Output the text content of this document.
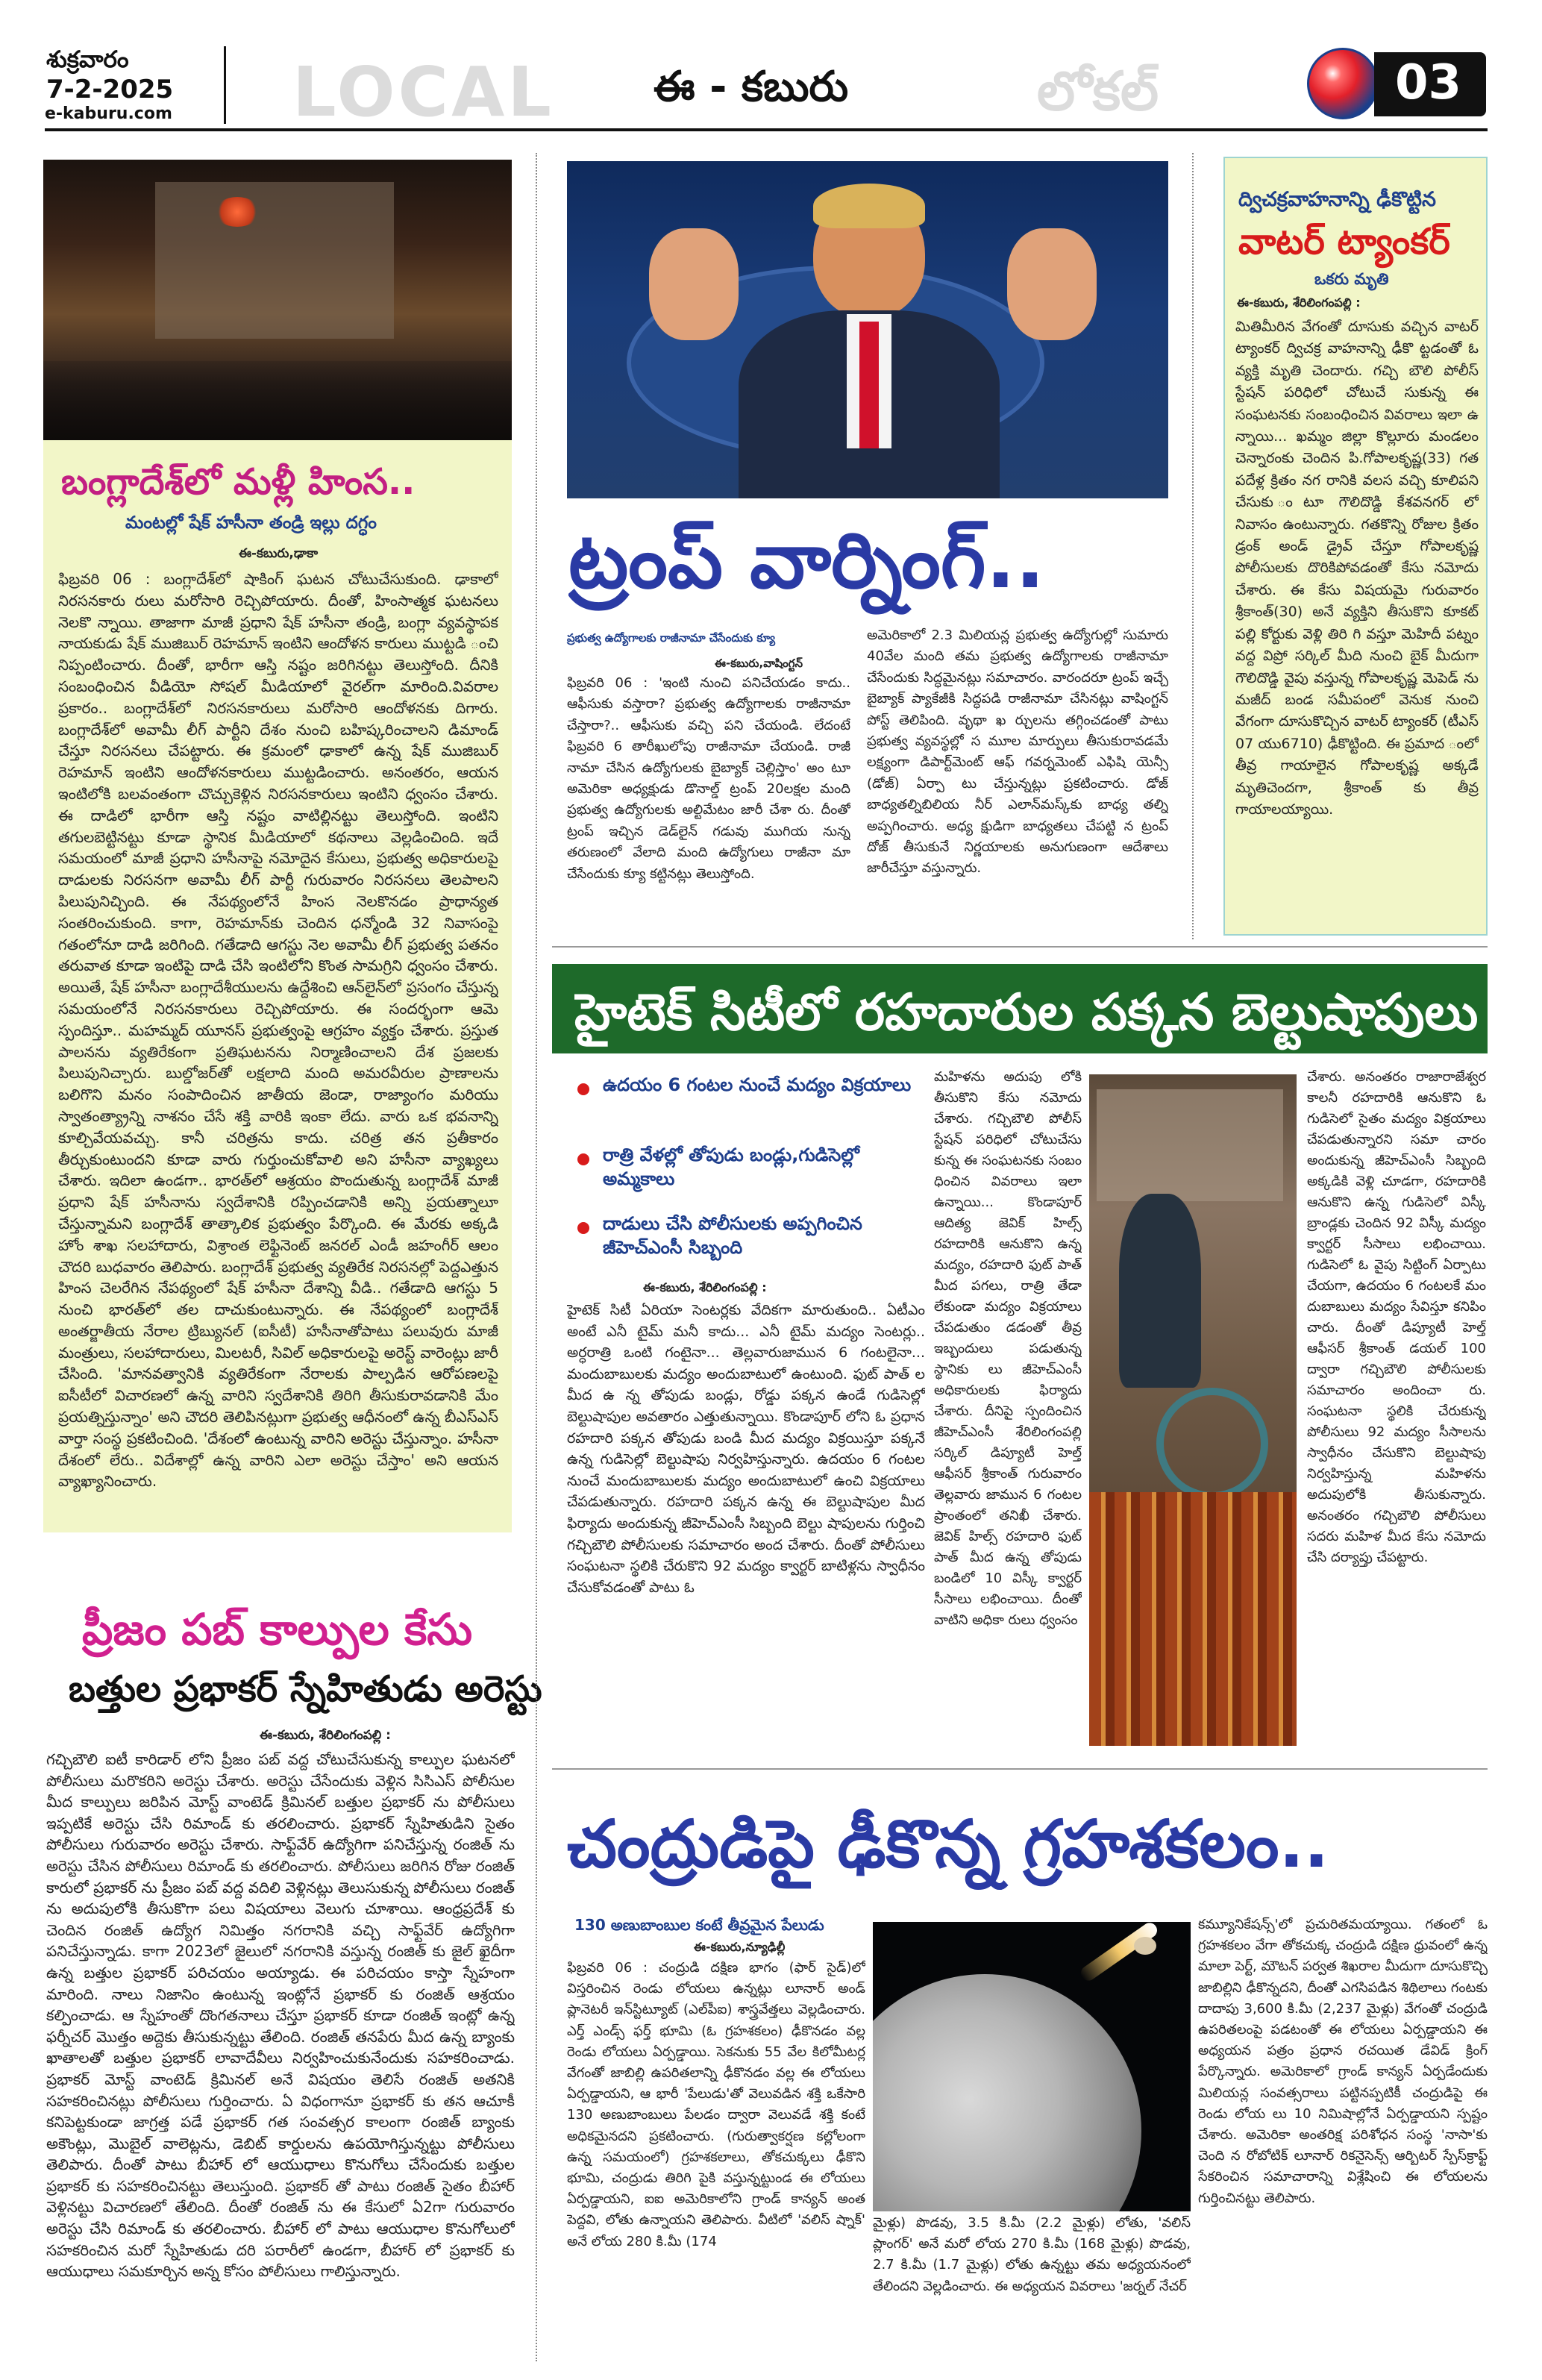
శుక్రవారం
7-2-2025
e-kaburu.com LOCAL ఈ - కబురు	లోకల్	03
బంగ్లాదేశ్‌లో మళ్లీ హింస..
మంటల్లో షేక్ హసీనా తండ్రి ఇల్లు దగ్ధం
ఈ-కబురు,ఢాకా
ఫిబ్రవరి 06 : బంగ్లాదేశ్‌లో షాకింగ్ ఘటన చోటుచేసుకుంది. ఢాకాలో నిరసనకారు రులు మరోసారి రెచ్చిపోయారు. దీంతో, హింసాత్మక ఘటనలు నెలకొ న్నాయి. తాజాగా మాజీ ప్రధాని షేక్ హసీనా తండ్రి, బంగ్లా వ్యవస్థాపక నాయకుడు షేక్ ముజిబుర్ రెహమాన్ ఇంటిని ఆందోళన కారులు ముట్టడి ంచి నిప్పంటించారు. దీంతో, భారీగా ఆస్తి నష్టం జరిగినట్టు తెలుస్తోంది. దీనికి సంబంధించిన వీడియో సోషల్ మీడియాలో వైరల్‌గా మారింది.వివరాల ప్రకారం.. బంగ్లాదేశ్‌లో నిరసనకారులు మరోసారి ఆందోళనకు దిగారు. బంగ్లాదేశ్‌లో అవామీ లీగ్ పార్టీని దేశం నుంచి బహిష్కరించాలని డిమాండ్ చేస్తూ నిరసనలు చేపట్టారు. ఈ క్రమంలో ఢాకాలో ఉన్న షేక్ ముజిబుర్ రెహమాన్ ఇంటిని ఆందోళనకారులు ముట్టడించారు. అనంతరం, ఆయన ఇంటిలోకి బలవంతంగా చొచ్చుకెళ్లిన నిరసనకారులు ఇంటిని ధ్వంసం చేశారు. ఈ దాడిలో భారీగా ఆస్తి నష్టం వాటిల్లినట్టు తెలుస్తోంది. ఇంటిని తగులబెట్టినట్టు కూడా స్థానిక మీడియాలో కథనాలు వెల్లడించింది. ఇదే సమయంలో మాజీ ప్రధాని హసీనాపై నమోదైన కేసులు, ప్రభుత్వ అధికారులపై దాడులకు నిరసనగా అవామీ లీగ్ పార్టీ గురువారం నిరసనలు తెలపాలని పిలుపునిచ్చింది. ఈ నేపథ్యంలోనే హింస నెలకొనడం ప్రాధాన్యత సంతరించుకుంది. కాగా, రెహమాన్‌కు చెందిన ధన్మోండి 32 నివాసంపై గతంలోనూ దాడి జరిగింది. గతేడాది ఆగస్టు నెల అవామీ లీగ్ ప్రభుత్వ పతనం తరువాత కూడా ఇంటిపై దాడి చేసి ఇంటిలోని కొంత సామగ్రిని ధ్వంసం చేశారు. అయితే, షేక్ హసీనా బంగ్లాదేశీయులను ఉద్దేశించి ఆన్‌లైన్‌లో ప్రసంగం చేస్తున్న సమయంలోనే నిరసనకారులు రెచ్చిపోయారు. ఈ సందర్భంగా ఆమె స్పందిస్తూ.. మహమ్మద్ యూనస్ ప్రభుత్వంపై ఆగ్రహం వ్యక్తం చేశారు. ప్రస్తుత పాలనను వ్యతిరేకంగా ప్రతిఘటనను నిర్మాణించాలని దేశ ప్రజలకు పిలుపునిచ్చారు. బుల్డోజర్‌తో లక్షలాది మంది అమరవీరుల ప్రాణాలను బలిగొని మనం సంపాదించిన జాతీయ జెండా, రాజ్యాంగం మరియు స్వాతంత్య్రాన్ని నాశనం చేసే శక్తి వారికి ఇంకా లేదు. వారు ఒక భవనాన్ని కూల్చివేయవచ్చు. కానీ చరిత్రను కాదు. చరిత్ర తన ప్రతీకారం తీర్చుకుంటుందని కూడా వారు గుర్తుంచుకోవాలి అని హసీనా వ్యాఖ్యలు చేశారు. ఇదిలా ఉండగా.. భారత్‌లో ఆశ్రయం పొందుతున్న బంగ్లాదేశ్ మాజీ ప్రధాని షేక్ హసీనాను స్వదేశానికి రప్పించడానికి అన్ని ప్రయత్నాలూ చేస్తున్నామని బంగ్లాదేశ్ తాత్కాలిక ప్రభుత్వం పేర్కొంది. ఈ మేరకు అక్కడి హోం శాఖ సలహాదారు, విశ్రాంత లెఫ్టినెంట్ జనరల్ ఎండీ జహంగీర్ ఆలం చౌదరి బుధవారం తెలిపారు. బంగ్లాదేశ్ ప్రభుత్వ వ్యతిరేక నిరసనల్లో పెద్దఎత్తున హింస చెలరేగిన నేపథ్యంలో షేక్ హసీనా దేశాన్ని వీడి.. గతేడాది ఆగస్టు 5 నుంచి భారత్‌లో తల దాచుకుంటున్నారు. ఈ నేపథ్యంలో బంగ్లాదేశ్ అంతర్జాతీయ నేరాల ట్రిబ్యునల్ (ఐసీటీ) హసీనాతోపాటు పలువురు మాజీ మంత్రులు, సలహాదారులు, మిలటరీ, సివిల్ అధికారులపై అరెస్ట్ వారెంట్లు జారీ చేసింది. 'మానవత్వానికి వ్యతిరేకంగా నేరాలకు పాల్పడిన ఆరోపణలపై ఐసీటీలో విచారణలో ఉన్న వారిని స్వదేశానికి తిరిగి తీసుకురావడానికి మేం ప్రయత్నిస్తున్నాం' అని చౌదరి తెలిపినట్లుగా ప్రభుత్వ ఆధీనంలో ఉన్న బీఎస్‌ఎస్ వార్తా సంస్థ ప్రకటించింది. 'దేశంలో ఉంటున్న వారిని అరెస్టు చేస్తున్నాం. హసీనా దేశంలో లేరు.. విదేశాల్లో ఉన్న వారిని ఎలా అరెస్టు చేస్తాం' అని ఆయన వ్యాఖ్యానించారు.
ప్రీజం పబ్ కాల్పుల కేసు
బత్తుల ప్రభాకర్ స్నేహితుడు అరెస్టు
ఈ-కబురు, శేరిలింగంపల్లి :
గచ్చిబౌలి ఐటీ కారిడార్ లోని ప్రీజం పబ్ వద్ద చోటుచేసుకున్న కాల్పుల ఘటనలో పోలీసులు మరొకరిని అరెస్టు చేశారు. అరెస్టు చేసేందుకు వెళ్లిన సిసిఎస్ పోలీసుల మీద కాల్పులు జరిపిన మోస్ట్ వాంటెడ్ క్రిమినల్ బత్తుల ప్రభాకర్ ను పోలీసులు ఇప్పటికే అరెస్టు చేసి రిమాండ్ కు తరలించారు. ప్రభాకర్ స్నేహితుడిని సైతం పోలీసులు గురువారం అరెస్టు చేశారు. సాఫ్ట్‌వేర్ ఉద్యోగిగా పనిచేస్తున్న రంజిత్ ను అరెస్టు చేసిన పోలీసులు రిమాండ్ కు తరలించారు. పోలీసులు జరిగిన రోజు రంజిత్ కారులో ప్రభాకర్ ను ప్రీజం పబ్ వద్ద వదిలి వెళ్లినట్లు తెలుసుకున్న పోలీసులు రంజిత్ ను అదుపులోకి తీసుకొగా పలు విషయాలు వెలుగు చూశాయి. ఆంధ్రప్రదేశ్ కు చెందిన రంజిత్ ఉద్యోగ నిమిత్తం నగరానికి వచ్చి సాఫ్ట్‌వేర్ ఉద్యోగిగా పనిచేస్తున్నాడు. కాగా 2023లో జైలులో నగరానికి వస్తున్న రంజిత్ కు జైల్ ఖైదీగా ఉన్న బత్తుల ప్రభాకర్ పరిచయం అయ్యాడు. ఈ పరిచయం కాస్తా స్నేహంగా మారింది. నాలు నిజానిం ఉంటున్న ఇంట్లోనే ప్రభాకర్ కు రంజిత్ ఆశ్రయం కల్పించాడు. ఆ స్నేహంతో దొంగతనాలు చేస్తూ ప్రభాకర్ కూడా రంజిత్ ఇంట్లో ఉన్న ఫర్నీచర్ మొత్తం అద్దెకు తీసుకున్నట్టు తేలింది. రంజిత్ తనపేరు మీద ఉన్న బ్యాంకు ఖాతాలతో బత్తుల ప్రభాకర్ లావాదేవీలు నిర్వహించుకునేందుకు సహకరించాడు. ప్రభాకర్ మోస్ట్ వాంటెడ్ క్రిమినల్ అనే విషయం తెలిసే రంజిత్ అతనికి సహకరించినట్లు పోలీసులు గుర్తించారు. ఏ విధంగానూ ప్రభాకర్ కు తన ఆచూకీ కనిపెట్టకుండా జాగ్రత్త పడే ప్రభాకర్ గత సంవత్సర కాలంగా రంజిత్ బ్యాంకు అకౌంట్లు, మొబైల్ వాలెట్లను, డెబిట్ కార్డులను ఉపయోగిస్తున్నట్టు పోలీసులు తెలిపారు. దీంతో పాటు బీహార్ లో ఆయుధాలు కొనుగోలు చేసేందుకు బత్తుల ప్రభాకర్ కు సహకరించినట్టు తెలుస్తుంది. ప్రభాకర్ తో పాటు రంజిత్ సైతం బీహార్ వెళ్లినట్టు విచారణలో తేలింది. దీంతో రంజిత్ ను ఈ కేసులో ఏ2గా గురువారం అరెస్టు చేసి రిమాండ్ కు తరలించారు. బీహార్ లో పాటు ఆయుధాల కొనుగోలులో సహకరించిన మరో స్నేహితుడు దరి పరారీలో ఉండగా, బీహార్ లో ప్రభాకర్ కు ఆయుధాలు సమకూర్చిన అన్న కోసం పోలీసులు గాలిస్తున్నారు.
ట్రంప్ వార్నింగ్..
ప్రభుత్వ ఉద్యోగాలకు రాజీనామా చేసేందుకు క్యూ
ఈ-కబురు,వాషింగ్టన్
ఫిబ్రవరి 06 : 'ఇంటి నుంచి పనిచేయడం కాదు.. ఆఫీసుకు వస్తారా? ప్రభుత్వ ఉద్యోగాలకు రాజీనామా చేస్తారా?.. ఆఫీసుకు వచ్చి పని చేయండి. లేదంటే ఫిబ్రవరి 6 తారీఖులోపు రాజీనామా చేయండి. రాజీ నామా చేసిన ఉద్యోగులకు బైబ్యాక్ చెల్లిస్తాం' అం టూ అమెరికా అధ్యక్షుడు డొనాల్డ్ ట్రంప్ 20లక్షల మంది ప్రభుత్వ ఉద్యోగులకు అల్టిమేటం జారీ చేశా రు. దీంతో ట్రంప్ ఇచ్చిన డెడ్‌లైన్ గడువు ముగియ నున్న తరుణంలో వేలాది మంది ఉద్యోగులు రాజీనా మా చేసేందుకు క్యూ కట్టినట్లు తెలుస్తోంది.
అమెరికాలో 2.3 మిలియన్ల ప్రభుత్వ ఉద్యోగుల్లో సుమారు 40వేల మంది తమ ప్రభుత్వ ఉద్యోగాలకు రాజీనామా చేసేందుకు సిద్ధమైనట్లు సమాచారం. వారందరూ ట్రంప్ ఇచ్చే బైబ్యాక్ ప్యాకేజీకి సిద్ధపడి రాజీనామా చేసినట్లు వాషింగ్టన్ పోస్ట్ తెలిపింది. వృథా ఖ ర్చులను తగ్గించడంతో పాటు ప్రభుత్వ వ్యవస్థల్లో స మూల మార్పులు తీసుకురావడమే లక్ష్యంగా డిపార్ట్‌మెంట్ ఆఫ్ గవర్నమెంట్ ఎఫిషి యెన్సీ (డోజ్) ఏర్పా టు చేస్తున్నట్లు ప్రకటించారు. డోజ్ బాధ్యతల్నిబిలియ నీర్ ఎలాన్‌మస్క్‌కు బాధ్య తల్ని అప్పగించారు. అధ్య క్షుడిగా బాధ్యతలు చేపట్టి న ట్రంప్ దోజ్ తీసుకునే నిర్ణయాలకు అనుగుణంగా ఆదేశాలు జారీచేస్తూ వస్తున్నారు.
ద్విచక్రవాహనాన్ని ఢీకొట్టిన
వాటర్ ట్యాంకర్
ఒకరు మృతి
ఈ-కబురు, శేరిలింగంపల్లి :
మితిమీరిన వేగంతో దూసుకు వచ్చిన వాటర్ ట్యాంకర్ ద్విచక్ర వాహనాన్ని ఢీకొ ట్టడంతో ఓ వ్యక్తి మృతి చెందారు. గచ్చి బౌలి పోలీస్ స్టేషన్ పరిధిలో చోటుచే సుకున్న ఈ సంఘటనకు సంబంధించిన వివరాలు ఇలా ఉ న్నాయి... ఖమ్మం జిల్లా కొల్లూరు మండలం చెన్నారంకు చెందిన పి.గోపాలకృష్ణ(33) గత పదేళ్ల క్రితం నగ రానికి వలస వచ్చి కూలిపని చేసుకు ంటూ గౌలిదొడ్డి కేశవనగర్ లో నివాసం ఉంటున్నారు. గతకొన్ని రోజుల క్రితం డ్రంక్ అండ్ డ్రైవ్ చేస్తూ గోపాలకృష్ణ పోలీసులకు దొరికిపోవడంతో కేసు నమోదు చేశారు. ఈ కేసు విషయమై గురువారం శ్రీకాంత్(30) అనే వ్యక్తిని తీసుకొని కూకట్ పల్లి కోర్టుకు వెళ్లి తిరి గి వస్తూ మెహిదీ పట్నం వద్ద విప్రో సర్కిల్ మీది నుంచి బైక్ మీదుగా గౌలిదొడ్డి వైపు వస్తున్న గోపాలకృష్ణ మెపెడ్ ను మజీద్ బండ సమీపంలో వెనుక నుంచి వేగంగా దూసుకొచ్చిన వాటర్ ట్యాంకర్ (టీఎస్ 07 యు6710) ఢీకొట్టింది. ఈ ప్రమాద ంలో తీవ్ర గాయాలైన గోపాలకృష్ణ అక్కడే మృతిచెందగా, శ్రీకాంత్ కు తీవ్ర గాయాలయ్యాయి.
హైటెక్ సిటీలో రహదారుల పక్కన బెల్టుషాపులు
ఉదయం 6 గంటల నుంచే మద్యం విక్రయాలు
రాత్రి వేళల్లో తోపుడు బండ్లు,గుడిసెల్లో అమ్మకాలు
దాడులు చేసి పోలీసులకు అప్పగించిన జీహెచ్ఎంసీ సిబ్బంది
ఈ-కబురు, శేరిలింగంపల్లి :
హైటెక్ సిటీ ఏరియా సెంటర్లకు వేదికగా మారుతుంది.. ఏటీఎం అంటే ఎనీ టైమ్ మనీ కాదు... ఎనీ టైమ్ మద్యం సెంటర్లు.. అర్ధరాత్రి ఒంటి గంటైనా... తెల్లవారుజామున 6 గంటలైనా... మందుబాబులకు మద్యం అందుబాటులో ఉంటుంది. ఫుట్ పాత్ ల మీద ఉ న్న తోపుడు బండ్లు, రోడ్డు పక్కన ఉండే గుడిసెల్లో బెల్టుషాపుల అవతారం ఎత్తుతున్నాయి. కొండాపూర్ లోని ఓ ప్రధాన రహదారి పక్కన తోపుడు బండి మీద మద్యం విక్రయిస్తూ పక్కనే ఉన్న గుడిసెల్లో బెల్టుషాపు నిర్వహిస్తున్నారు. ఉదయం 6 గంటల నుంచే మందుబాబులకు మద్యం అందుబాటులో ఉంచి విక్రయాలు చేపడుతున్నారు. రహదారి పక్కన ఉన్న ఈ బెల్టుషాపుల మీద ఫిర్యాదు అందుకున్న జీహెచ్ఎంసీ సిబ్బంది బెల్టు షాపులను గుర్తించి గచ్చిబౌలి పోలీసులకు సమాచారం అంద చేశారు. దీంతో పోలీసులు సంఘటనా స్థలికి చేరుకొని 92 మద్యం క్వార్టర్ బాటిళ్లను స్వాధీనం చేసుకోవడంతో పాటు ఓ
మహిళను అదుపు లోకి తీసుకొని కేసు నమోదు చేశారు. గచ్చిబౌలి పోలీస్ స్టేషన్ పరిధిలో చోటుచేసు కున్న ఈ సంఘటనకు సంబం ధించిన వివరాలు ఇలా ఉన్నాయి... కొండాపూర్ ఆదిత్య జెవిక్ హిల్స్ రహదారికి ఆనుకొని ఉన్న మద్యం, రహదారి ఫుట్ పాత్ మీద పగలు, రాత్రి తేడా లేకుండా మద్యం విక్రయాలు చేపడుతుం డడంతో తీవ్ర ఇబ్బందులు పడుతున్న స్థానికు లు జీహెచ్ఎంసీ అధికారులకు ఫిర్యాదు చేశారు. దీనిపై స్పందించిన జీహెచ్ఎంసీ శేరిలింగంపల్లి సర్కిల్ డిప్యూటీ హెల్త్ ఆఫీసర్ శ్రీకాంత్ గురువారం తెల్లవారు జామున 6 గంటల ప్రాంతంలో తనిఖీ చేశారు. జెవిక్ హిల్స్ రహదారి ఫుట్ పాత్ మీద ఉన్న తోపుడు బండిలో 10 విస్కీ క్వార్టర్ సీసాలు లభించాయి. దీంతో వాటిని అధికా రులు ధ్వంసం
చేశారు. అనంతరం రాజారాజేశ్వర కాలనీ రహదారికి ఆనుకొని ఓ గుడిసెలో సైతం మద్యం విక్రయాలు చేపడుతున్నారని సమా చారం అందుకున్న జీహెచ్ఎంసీ సిబ్బంది అక్కడికి వెళ్లి చూడగా, రహదారికి ఆనుకొని ఉన్న గుడిసెలో విస్కీ బ్రాండ్లకు చెందిన 92 విస్కీ మద్యం క్వార్టర్ సీసాలు లభించాయి. గుడిసెలో ఓ వైపు సిట్టింగ్ ఏర్పాటు చేయగా, ఉదయం 6 గంటలకే మం దుబాబులు మద్యం సేవిస్తూ కనిపిం చారు. దీంతో డిప్యూటీ హెల్త్ ఆఫీసర్ శ్రీకాంత్ డయల్ 100 ద్వారా గచ్చిబౌలి పోలీసులకు సమాచారం అందించా రు. సంఘటనా స్థలికి చేరుకున్న పోలీసులు 92 మద్యం సీసాలను స్వాధీనం చేసుకొని బెల్టుషాపు నిర్వహిస్తున్న మహిళను అదుపులోకి తీసుకున్నారు. అనంతరం గచ్చిబౌలి పోలీసులు సదరు మహిళ మీద కేసు నమోదు చేసి దర్యాప్తు చేపట్టారు.
చంద్రుడిపై ఢీకొన్న గ్రహశకలం..
130 అణుబాంబుల కంటే తీవ్రమైన పేలుడు
ఈ-కబురు,న్యూఢిల్లీ
ఫిబ్రవరి 06 : చంద్రుడి దక్షిణ భాగం (ఫార్ సైడ్)లో విస్తరించిన రెండు లోయలు ఉన్నట్లు లూనార్ అండ్ ప్లానెటరీ ఇన్‌స్టిట్యూట్ (ఎల్‌పీఐ) శాస్త్రవేత్తలు వెల్లడించారు. ఎర్త్ ఎండ్స్ ఫర్త్ భూమి (ఓ గ్రహశకలం) ఢీకొనడం వల్ల రెండు లోయలు ఏర్పడ్డాయి. సెకనుకు 55 వేల కిలోమీటర్ల వేగంతో జాబిల్లి ఉపరితలాన్ని ఢీకొనడం వల్ల ఈ లోయలు ఏర్పడ్డాయని, ఆ భారీ 'పేలుడు'తో వెలువడిన శక్తి ఒకేసారి 130 అణుబాంబులు పేలడం ద్వారా వెలువడే శక్తి కంటే అధికమైనదని ప్రకటించారు. (గురుత్వాకర్షణ కల్లోలంగా ఉన్న సమయంలో) గ్రహశకలాలు, తోకచుక్కలు ఢీకొని భూమి, చంద్రుడు తిరిగి పైకి వస్తున్నట్టుండ ఈ లోయలు ఏర్పడ్డాయని, ఐఐ అమెరికాలోని గ్రాండ్ కాన్యన్ అంత పెద్దవి, లోతు ఉన్నాయని తెలిపారు. వీటిలో 'వలిస్ ష్నాక్' అనే లోయ 280 కి.మీ (174
మైళ్లు) పొడవు, 3.5 కి.మీ (2.2 మైళ్లు) లోతు, 'వలిస్ ప్లాంగర్' అనే మరో లోయ 270 కి.మీ (168 మైళ్లు) పొడవు, 2.7 కి.మీ (1.7 మైళ్లు) లోతు ఉన్నట్టు తమ అధ్యయనంలో తేలిందని వెల్లడించారు. ఈ అధ్యయన వివరాలు 'జర్నల్ నేచర్
కమ్యూనికేషన్స్'లో ప్రచురితమయ్యాయి. గతంలో ఓ గ్రహశకలం వేగా తోకచుక్క చంద్రుడి దక్షిణ ధ్రువంలో ఉన్న మాలా పెర్ట్, మౌటన్ పర్వత శిఖరాల మీదుగా దూసుకొచ్చి జాబిల్లిని ఢీకొన్నదని, దీంతో ఎగసిపడిన శిథిలాలు గంటకు దాదాపు 3,600 కి.మీ (2,237 మైళ్లు) వేగంతో చంద్రుడి ఉపరితలంపై పడటంతో ఈ లోయలు ఏర్పడ్డాయని ఈ అధ్యయన పత్రం ప్రధాన రచయిత డేవిడ్ క్రింగ్ పేర్కొన్నారు. అమెరికాలో గ్రాండ్ కాన్యన్ ఏర్పడేందుకు మిలియన్ల సంవత్సరాలు పట్టినప్పటికీ చంద్రుడిపై ఈ రెండు లోయ లు 10 నిమిషాల్లోనే ఏర్పడ్డాయని స్పష్టం చేశారు. అమెరికా అంతరిక్ష పరిశోధన సంస్థ 'నాసా'కు చెంది న రోబోటిక్ లూనార్ రికనైసెన్స్ ఆర్బిటర్ స్పేస్‌క్రాఫ్ట్ సేకరించిన సమాచారాన్ని విశ్లేషించి ఈ లోయలను గుర్తించినట్టు తెలిపారు.
